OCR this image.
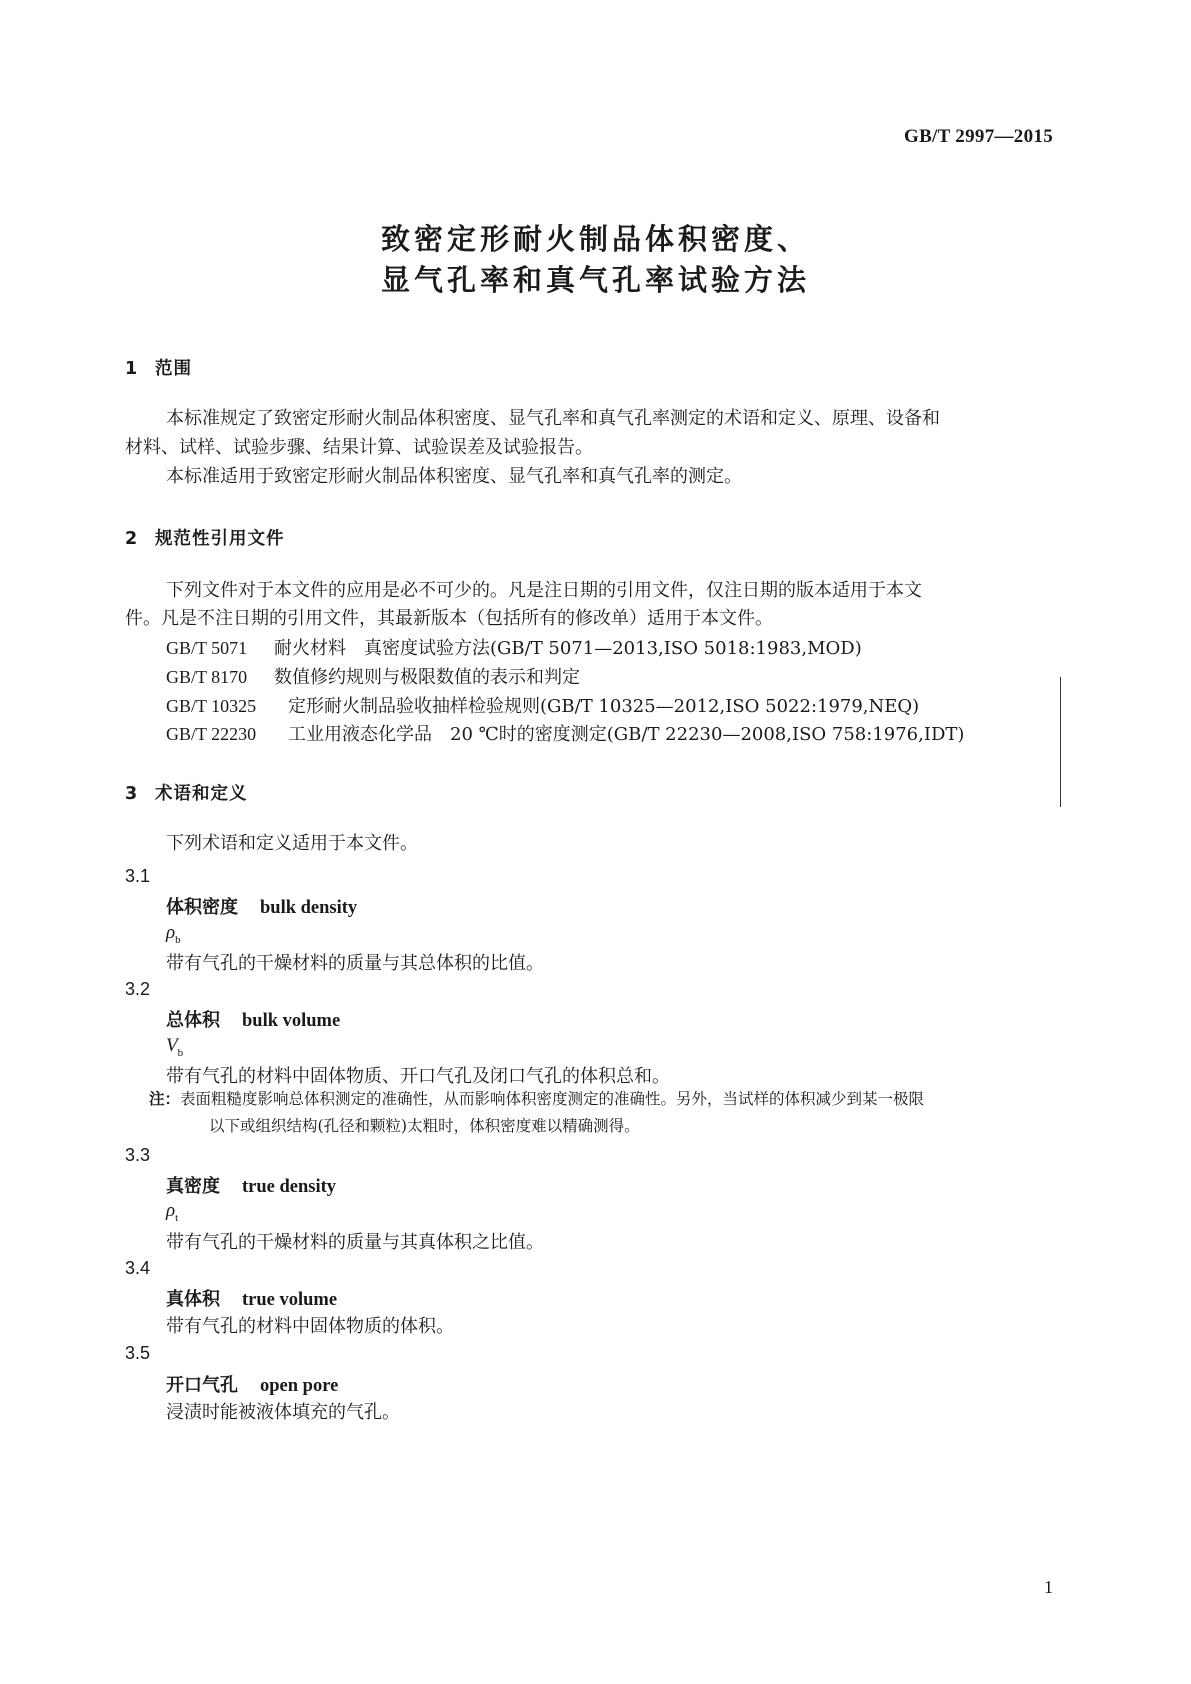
GB/T 2997—2015
致密定形耐火制品体积密度、
显气孔率和真气孔率试验方法
1 范围
本标准规定了致密定形耐火制品体积密度、显气孔率和真气孔率测定的术语和定义、原理、设备和
材料、试样、试验步骤、结果计算、试验误差及试验报告。
本标准适用于致密定形耐火制品体积密度、显气孔率和真气孔率的测定。
2 规范性引用文件
下列文件对于本文件的应用是必不可少的。凡是注日期的引用文件，仅注日期的版本适用于本文
件。凡是不注日期的引用文件，其最新版本（包括所有的修改单）适用于本文件。
GB/T 5071 耐火材料　真密度试验方法(GB/T 5071—2013,ISO 5018:1983,MOD)
GB/T 8170 数值修约规则与极限数值的表示和判定
GB/T 10325 定形耐火制品验收抽样检验规则(GB/T 10325—2012,ISO 5022:1979,NEQ)
GB/T 22230 工业用液态化学品　20 ℃时的密度测定(GB/T 22230—2008,ISO 758:1976,IDT)
3 术语和定义
下列术语和定义适用于本文件。
3.1
体积密度 bulk density
$\rho_b$
带有气孔的干燥材料的质量与其总体积的比值。
3.2
总体积 bulk volume
$V_b$
带有气孔的材料中固体物质、开口气孔及闭口气孔的体积总和。
注：表面粗糙度影响总体积测定的准确性，从而影响体积密度测定的准确性。另外，当试样的体积减少到某一极限
以下或组织结构(孔径和颗粒)太粗时，体积密度难以精确测得。
3.3
真密度 true density
$\rho_t$
带有气孔的干燥材料的质量与其真体积之比值。
3.4
真体积 true volume
带有气孔的材料中固体物质的体积。
3.5
开口气孔 open pore
浸渍时能被液体填充的气孔。
1
